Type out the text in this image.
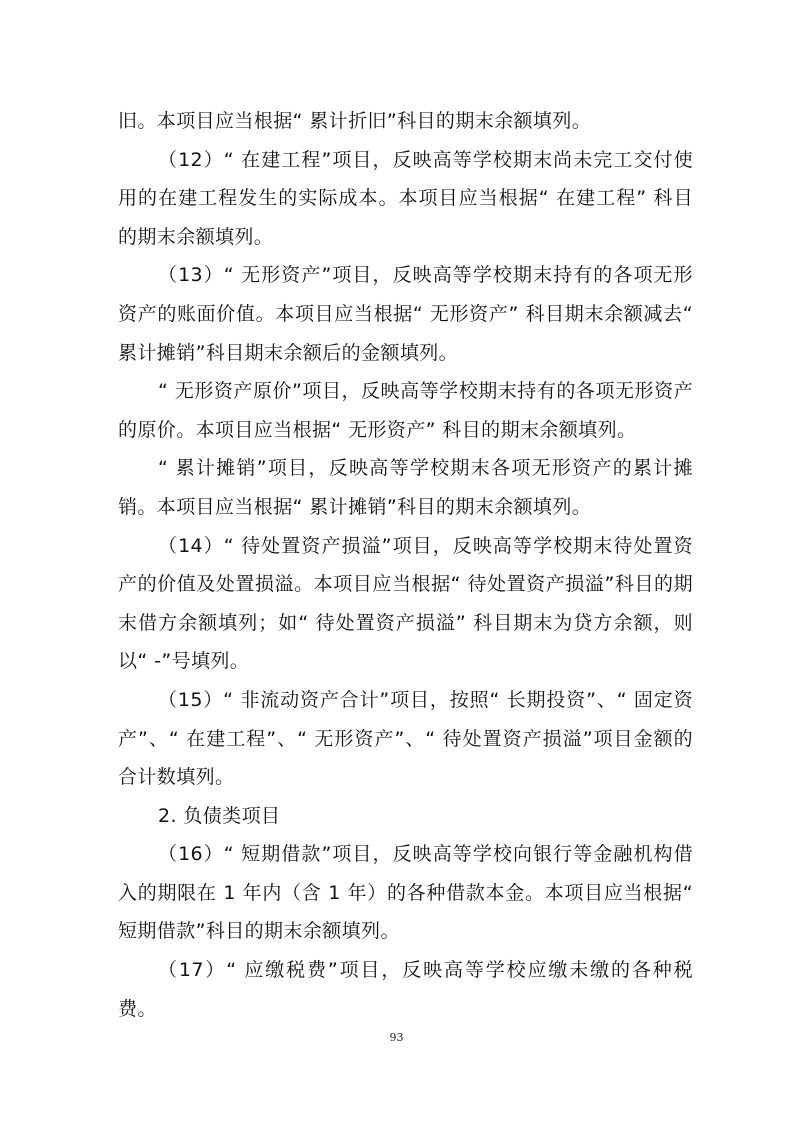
旧。本项目应当根据“ 累计折旧”科目的期末余额填列。

（12）“ 在建工程”项目，反映高等学校期末尚未完工交付使用的在建工程发生的实际成本。本项目应当根据“ 在建工程” 科目的期末余额填列。

（13）“ 无形资产”项目，反映高等学校期末持有的各项无形资产的账面价值。本项目应当根据“ 无形资产” 科目期末余额减去“ 累计摊销”科目期末余额后的金额填列。

“ 无形资产原价”项目，反映高等学校期末持有的各项无形资产的原价。本项目应当根据“ 无形资产” 科目的期末余额填列。

“ 累计摊销”项目，反映高等学校期末各项无形资产的累计摊销。本项目应当根据“ 累计摊销”科目的期末余额填列。

（14）“ 待处置资产损溢”项目，反映高等学校期末待处置资产的价值及处置损溢。本项目应当根据“ 待处置资产损溢”科目的期末借方余额填列；如“ 待处置资产损溢” 科目期末为贷方余额，则以“ -”号填列。

（15）“ 非流动资产合计”项目，按照“ 长期投资”、“ 固定资产”、“ 在建工程”、“ 无形资产”、“ 待处置资产损溢”项目金额的合计数填列。

2. 负债类项目

（16）“ 短期借款”项目，反映高等学校向银行等金融机构借入的期限在 1 年内（含 1 年）的各种借款本金。本项目应当根据“ 短期借款”科目的期末余额填列。

（17）“ 应缴税费”项目，反映高等学校应缴未缴的各种税费。

93
